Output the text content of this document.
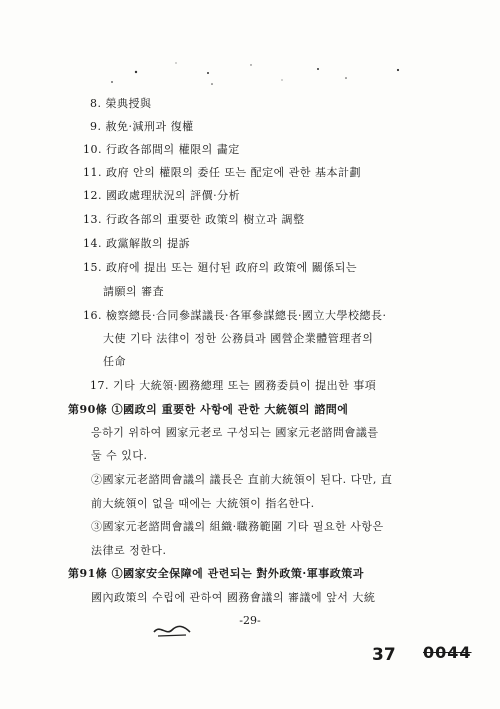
8. 榮典授與
9. 赦免·減刑과 復權
10. 行政各部間의 權限의 畵定
11. 政府 안의 權限의 委任 또는 配定에 관한 基本計劃
12. 國政處理狀況의 評價·分析
13. 行政各部의 重要한 政策의 樹立과 調整
14. 政黨解散의 提訴
15. 政府에 提出 또는 廻付된 政府의 政策에 關係되는
請願의 審査
16. 檢察總長·合同參謀議長·各軍參謀總長·國立大學校總長·
大使 기타 法律이 정한 公務員과 國營企業體管理者의
任命
17. 기타 大統領·國務總理 또는 國務委員이 提出한 事項
第90條 ①國政의 重要한 사항에 관한 大統領의 諮問에
응하기 위하여 國家元老로 구성되는 國家元老諮問會議를
둘 수 있다.
②國家元老諮問會議의 議長은 直前大統領이 된다. 다만, 直
前大統領이 없을 때에는 大統領이 指名한다.
③國家元老諮問會議의 組織·職務範圍 기타 필요한 사항은
法律로 정한다.
第91條 ①國家安全保障에 관련되는 對外政策·軍事政策과
國內政策의 수립에 관하여 國務會議의 審議에 앞서 大統
-29-
37 0044
